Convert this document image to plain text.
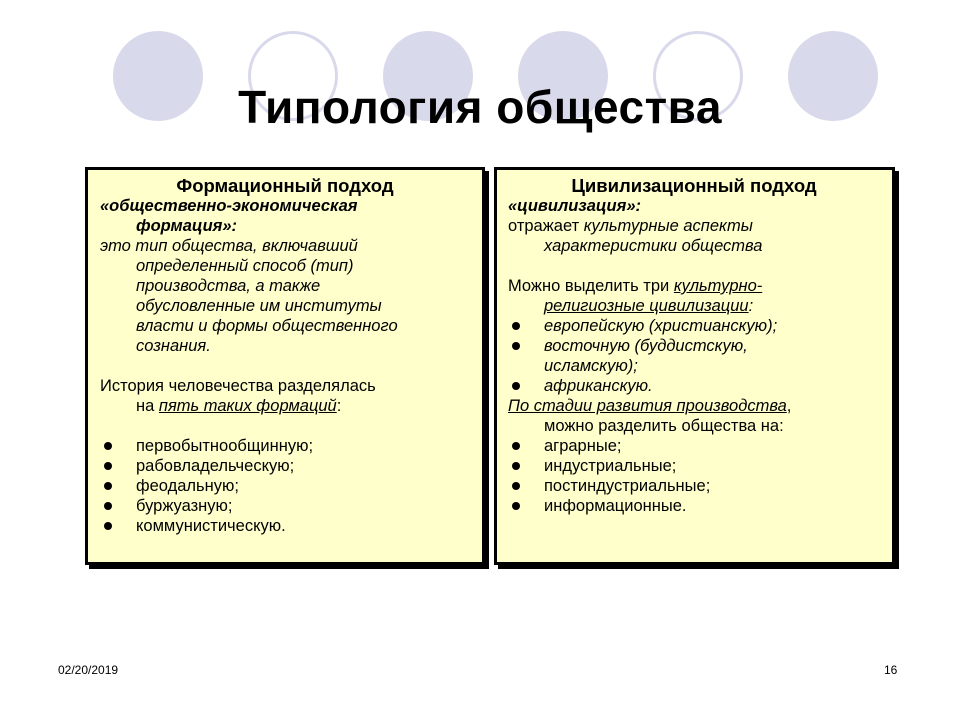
Типология общества

Формационный подход

«общественно-экономическая

формация»:

это тип общества, включавший

определенный способ (тип)

производства, а также

обусловленные им институты

власти и формы общественного

сознания.

История человечества разделялась

на пять таких формаций:

первобытнообщинную;
рабовладельческую;
феодальную;
буржуазную;
коммунистическую.

Цивилизационный подход

«цивилизация»:

отражает культурные аспекты

характеристики общества

Можно выделить три культурно-

религиозные цивилизации:

европейскую (христианскую);
восточную (буддистскую,
исламскую);
африканскую.

По стадии развития производства,

можно разделить общества на:

аграрные;
индустриальные;
постиндустриальные;
информационные.
02/20/2019	16
